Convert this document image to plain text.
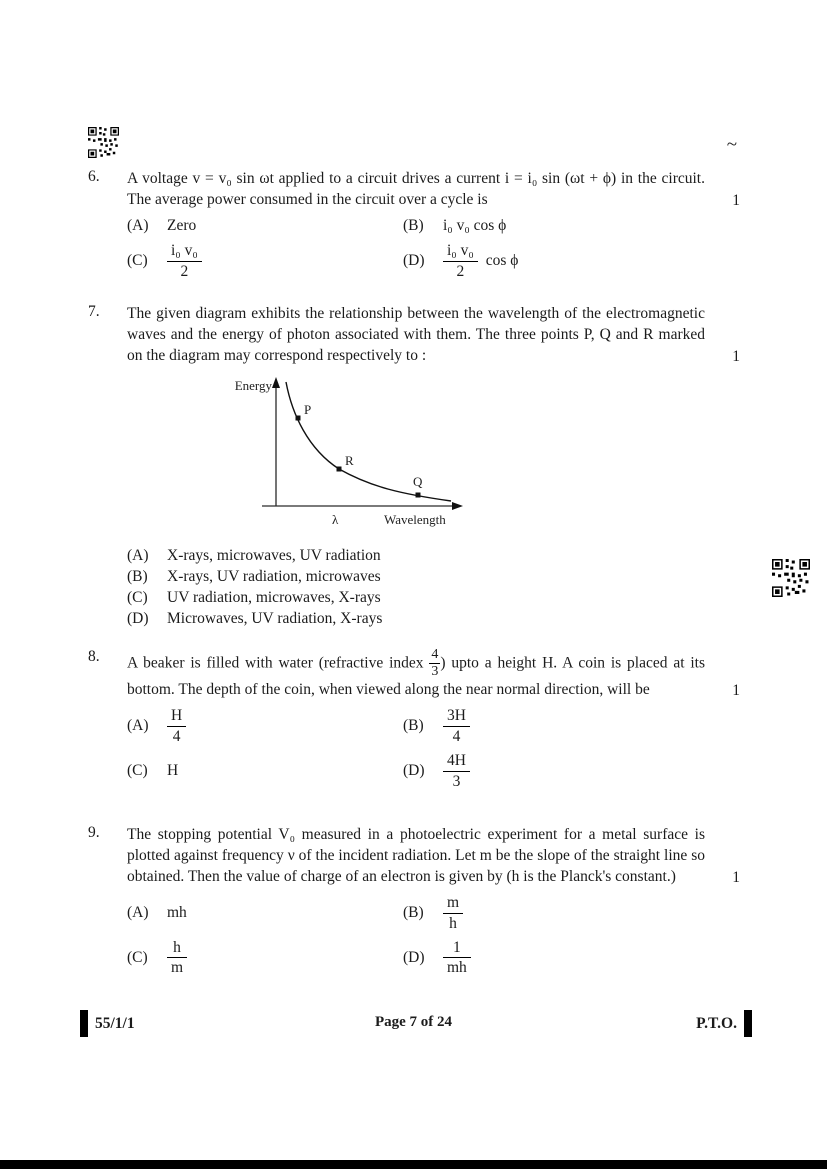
~
6.	A voltage v = v₀ sin ωt applied to a circuit drives a current i = i₀ sin (ωt + ϕ) in the circuit. The average power consumed in the circuit over a cycle is	1
(A)	Zero	(B)	i₀ v₀ cos ϕ
(C)	$\frac{\text{i₀ v₀}}{2}$	(D)	$\frac{\text{i₀ v₀}}{2}$ cos ϕ
7.	The given diagram exhibits the relationship between the wavelength of the electromagnetic waves and the energy of photon associated with them. The three points P, Q and R marked on the diagram may correspond respectively to :	1
Energy
P
R
Q
λ	Wavelength
(A)	X-rays, microwaves, UV radiation
(B)	X-rays, UV radiation, microwaves
(C)	UV radiation, microwaves, X-rays
(D)	Microwaves, UV radiation, X-rays
8.	A beaker is filled with water (refractive index $\frac{4}{3}$ ) upto a height H. A coin is placed at its bottom. The depth of the coin, when viewed along the near normal direction, will be	1
(A)	$\frac{H}{4}$	(B)	$\frac{3H}{4}$
(C)	H	(D)	$\frac{4H}{3}$
9.	The stopping potential V₀ measured in a photoelectric experiment for a metal surface is plotted against frequency ν of the incident radiation. Let m be the slope of the straight line so obtained. Then the value of charge of an electron is given by (h is the Planck's constant.)	1
(A)	mh	(B)	$\frac{m}{h}$
(C)	$\frac{h}{m}$	(D)	$\frac{1}{mh}$
55/1/1	Page 7 of 24	P.T.O.
